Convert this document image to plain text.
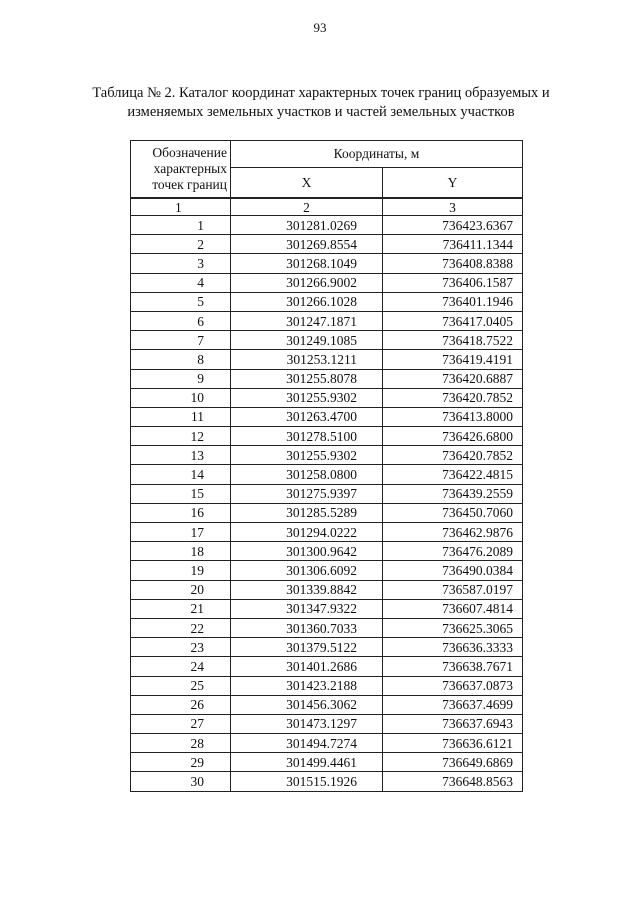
93
Таблица № 2. Каталог координат характерных точек границ образуемых и
изменяемых земельных участков и частей земельных участков
Обозначение
характерных
точек границ	Координаты, м	
	X	Y
1	2	3
1	301281.0269	736423.6367
2	301269.8554	736411.1344
3	301268.1049	736408.8388
4	301266.9002	736406.1587
5	301266.1028	736401.1946
6	301247.1871	736417.0405
7	301249.1085	736418.7522
8	301253.1211	736419.4191
9	301255.8078	736420.6887
10	301255.9302	736420.7852
11	301263.4700	736413.8000
12	301278.5100	736426.6800
13	301255.9302	736420.7852
14	301258.0800	736422.4815
15	301275.9397	736439.2559
16	301285.5289	736450.7060
17	301294.0222	736462.9876
18	301300.9642	736476.2089
19	301306.6092	736490.0384
20	301339.8842	736587.0197
21	301347.9322	736607.4814
22	301360.7033	736625.3065
23	301379.5122	736636.3333
24	301401.2686	736638.7671
25	301423.2188	736637.0873
26	301456.3062	736637.4699
27	301473.1297	736637.6943
28	301494.7274	736636.6121
29	301499.4461	736649.6869
30	301515.1926	736648.8563
